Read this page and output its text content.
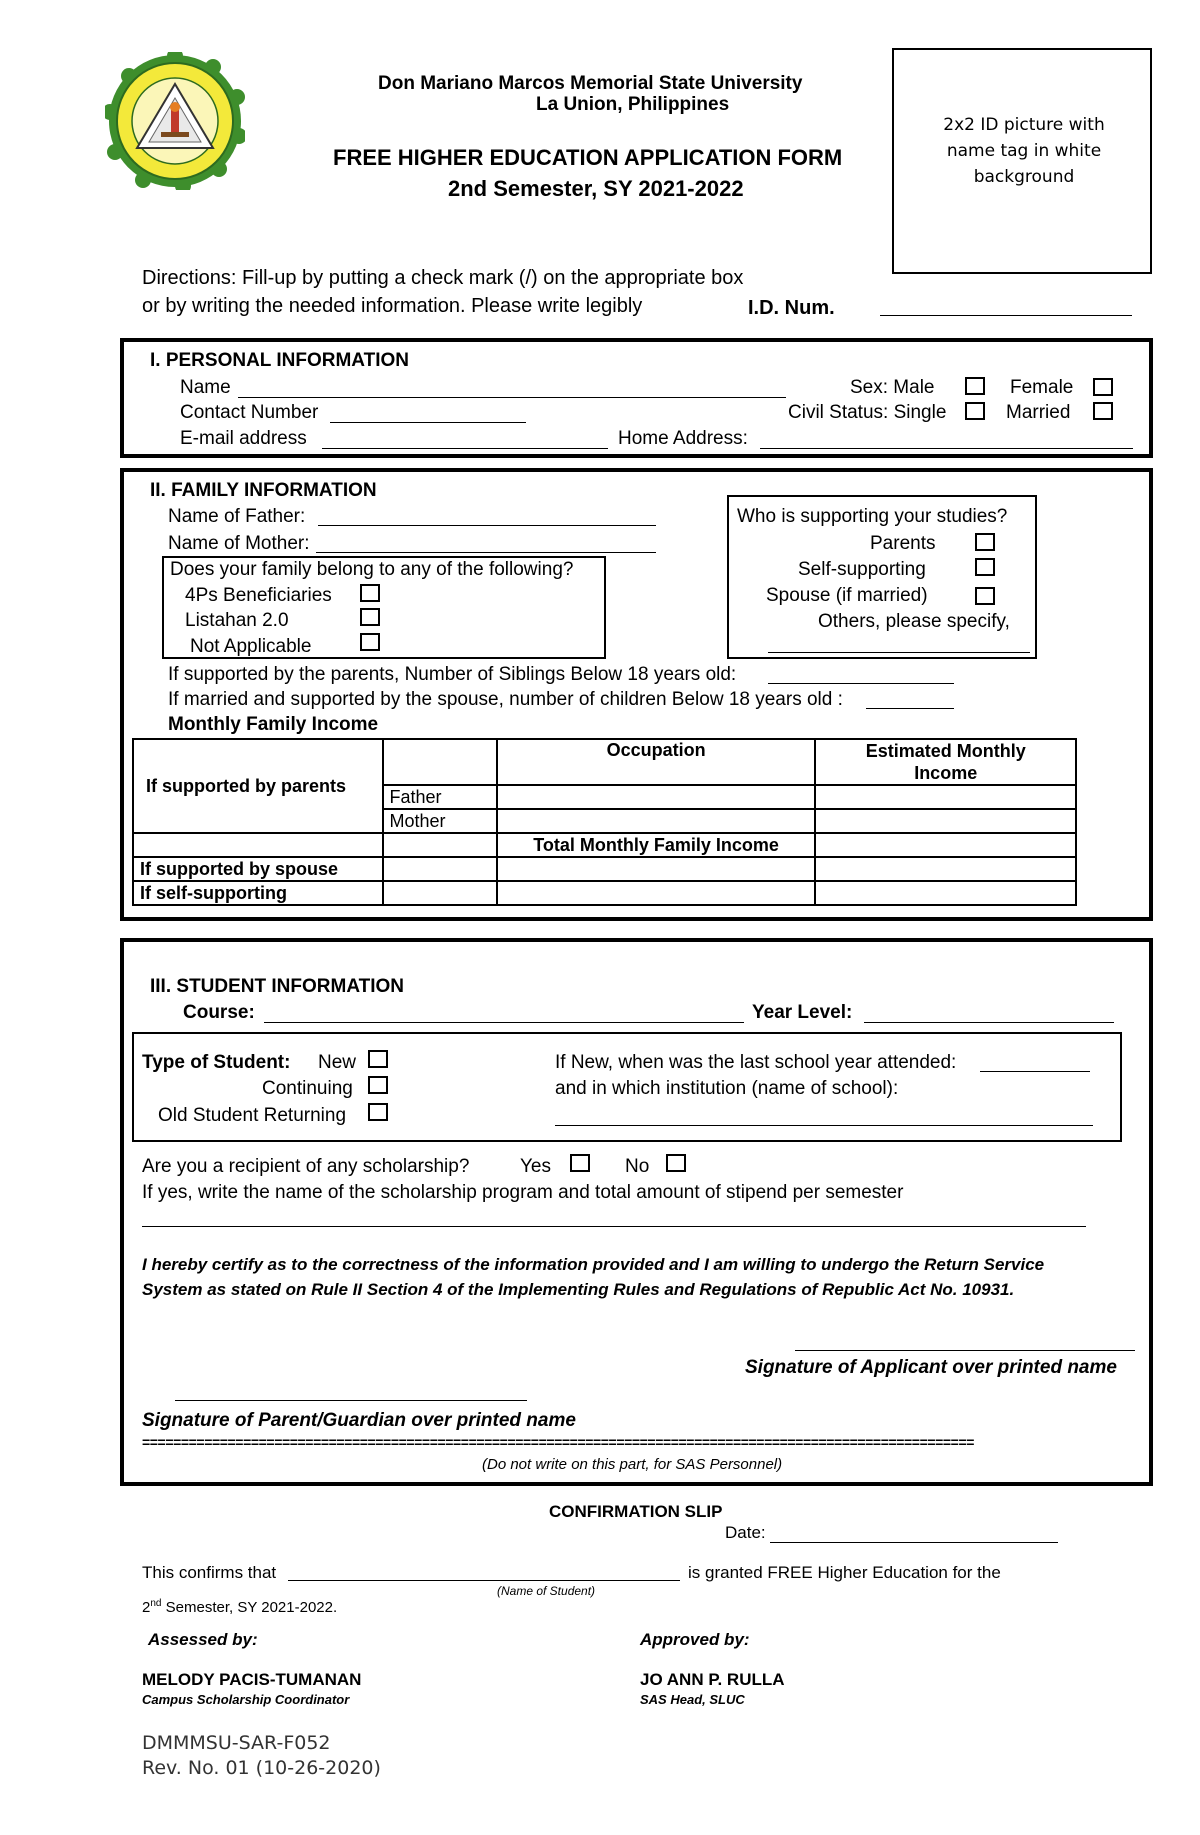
Don Mariano Marcos Memorial State University
La Union, Philippines
FREE HIGHER EDUCATION APPLICATION FORM
2nd Semester, SY 2021-2022
2x2 ID picture with name tag in white background
Directions: Fill-up by putting a check mark (/) on the appropriate box
or by writing the needed information. Please write legibly	I.D. Num.
I. PERSONAL INFORMATION
Name
Contact Number
E-mail address	Home Address:
Sex: Male	Female
Civil Status: Single	Married
II. FAMILY INFORMATION
Name of Father:
Name of Mother:
Does your family belong to any of the following?
4Ps Beneficiaries
Listahan 2.0
Not Applicable
Who is supporting your studies?
Parents
Self-supporting
Spouse (if married)
Others, please specify,
If supported by the parents, Number of Siblings Below 18 years old:
If married and supported by the spouse, number of children Below 18 years old :
Monthly Family Income
If supported by parents		Occupation	Estimated Monthly Income
	Father		
	Mother		
		Total Monthly Family Income	
If supported by spouse			
If self-supporting			
III. STUDENT INFORMATION
Course:	Year Level:
Type of Student: New
Continuing
Old Student Returning
If New, when was the last school year attended:
and in which institution (name of school):
Are you a recipient of any scholarship?	Yes	No
If yes, write the name of the scholarship program and total amount of stipend per semester
I hereby certify as to the correctness of the information provided and I am willing to undergo the Return Service System as stated on Rule II Section 4 of the Implementing Rules and Regulations of Republic Act No. 10931.
Signature of Applicant over printed name
Signature of Parent/Guardian over printed name
===========================================================================================================
(Do not write on this part, for SAS Personnel)
CONFIRMATION SLIP
Date:
This confirms that	is granted FREE Higher Education for the
(Name of Student)
2nd Semester, SY 2021-2022.
Assessed by:	Approved by:
MELODY PACIS-TUMANAN
Campus Scholarship Coordinator
JO ANN P. RULLA
SAS Head, SLUC
DMMMSU-SAR-F052
Rev. No. 01 (10-26-2020)
